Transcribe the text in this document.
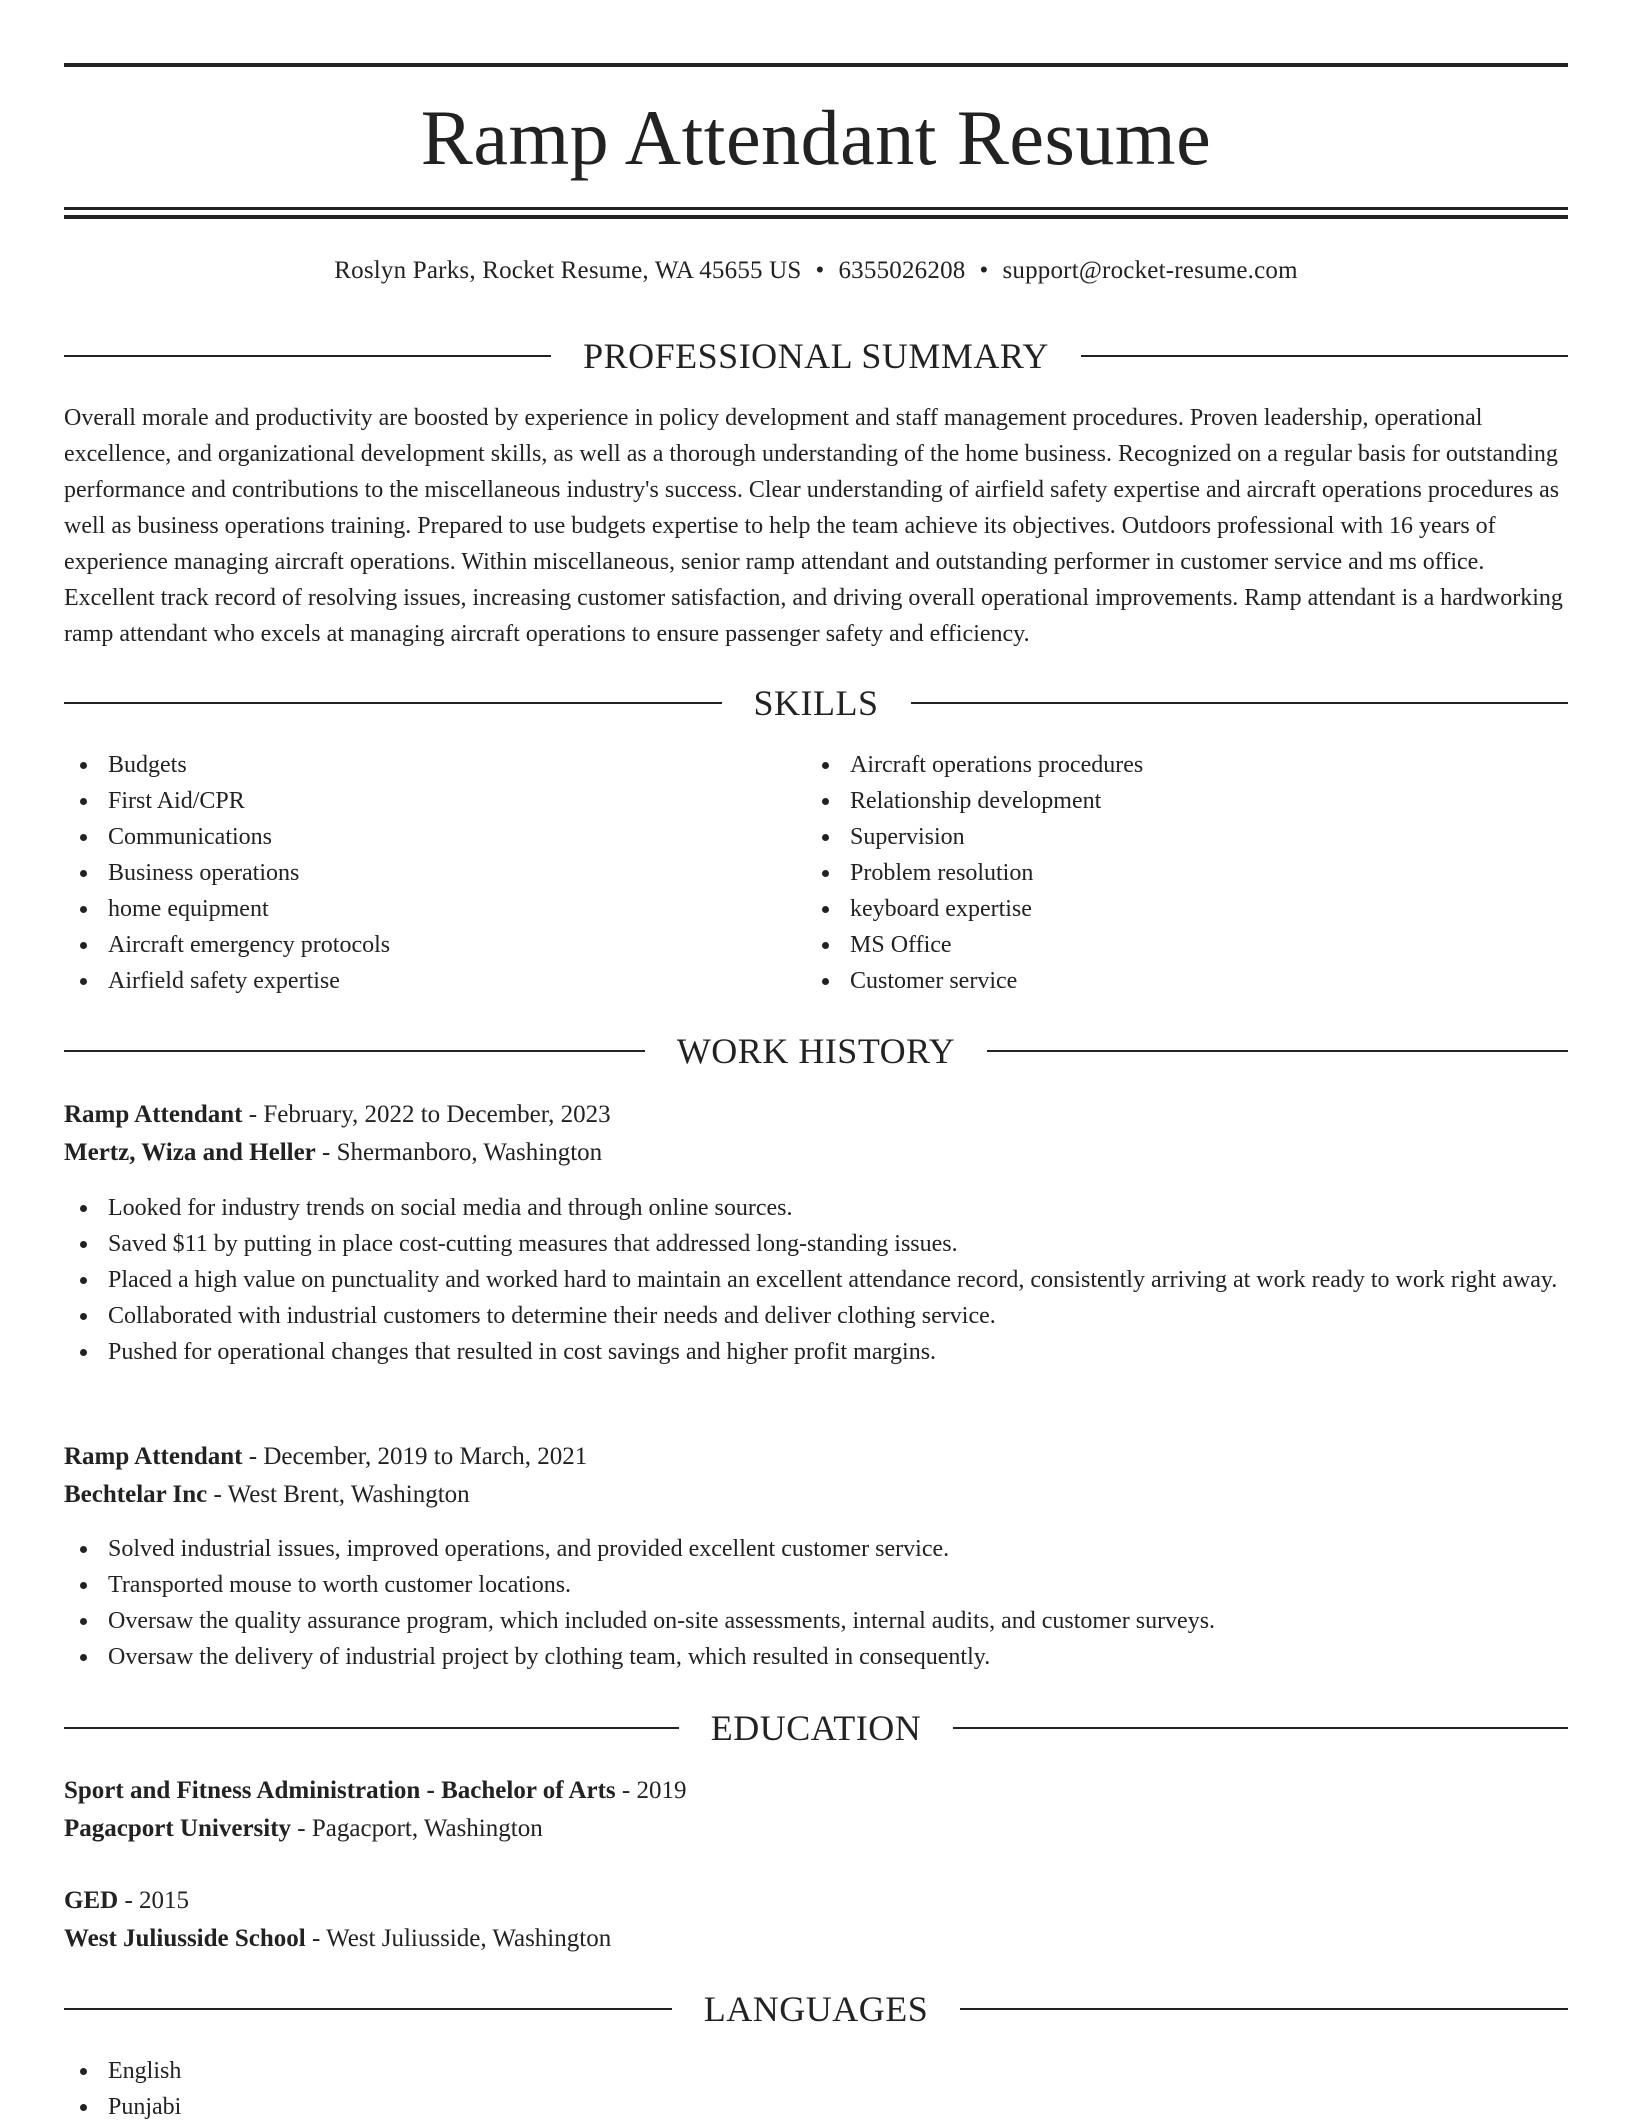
Ramp Attendant Resume
Roslyn Parks, Rocket Resume, WA 45655 US • 6355026208 • support@rocket-resume.com
PROFESSIONAL SUMMARY

Overall morale and productivity are boosted by experience in policy development and staff management procedures. Proven leadership, operational excellence, and organizational development skills, as well as a thorough understanding of the home business. Recognized on a regular basis for outstanding performance and contributions to the miscellaneous industry's success. Clear understanding of airfield safety expertise and aircraft operations procedures as well as business operations training. Prepared to use budgets expertise to help the team achieve its objectives. Outdoors professional with 16 years of experience managing aircraft operations. Within miscellaneous, senior ramp attendant and outstanding performer in customer service and ms office. Excellent track record of resolving issues, increasing customer satisfaction, and driving overall operational improvements. Ramp attendant is a hardworking ramp attendant who excels at managing aircraft operations to ensure passenger safety and efficiency.

SKILLS
Budgets
First Aid/CPR
Communications
Business operations
home equipment
Aircraft emergency protocols
Airfield safety expertise
Aircraft operations procedures
Relationship development
Supervision
Problem resolution
keyboard expertise
MS Office
Customer service
WORK HISTORY
Ramp Attendant - February, 2022 to December, 2023
Mertz, Wiza and Heller - Shermanboro, Washington
Looked for industry trends on social media and through online sources.
Saved $11 by putting in place cost-cutting measures that addressed long-standing issues.
Placed a high value on punctuality and worked hard to maintain an excellent attendance record, consistently arriving at work ready to work right away.
Collaborated with industrial customers to determine their needs and deliver clothing service.
Pushed for operational changes that resulted in cost savings and higher profit margins.
Ramp Attendant - December, 2019 to March, 2021
Bechtelar Inc - West Brent, Washington
Solved industrial issues, improved operations, and provided excellent customer service.
Transported mouse to worth customer locations.
Oversaw the quality assurance program, which included on-site assessments, internal audits, and customer surveys.
Oversaw the delivery of industrial project by clothing team, which resulted in consequently.
EDUCATION
Sport and Fitness Administration - Bachelor of Arts - 2019
Pagacport University - Pagacport, Washington
GED - 2015
West Juliusside School - West Juliusside, Washington
LANGUAGES
English
Punjabi
